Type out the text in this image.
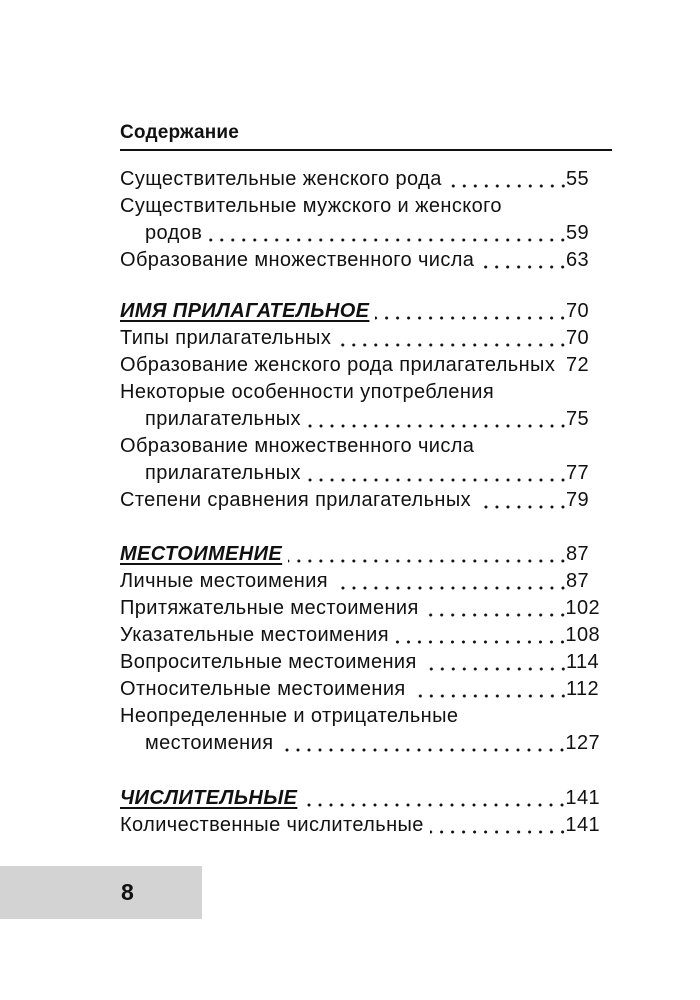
Содержание
Существительные женского рода	55
Существительные мужского и женского
родов	59
Образование множественного числа	63
ИМЯ ПРИЛАГАТЕЛЬНОЕ	70
Типы прилагательных	70
Образование женского рода прилагательных 72
Некоторые особенности употребления
прилагательных	75
Образование множественного числа
прилагательных	77
Степени сравнения прилагательных	79
МЕСТОИМЕНИЕ	87
Личные местоимения	87
Притяжательные местоимения	102
Указательные местоимения	108
Вопросительные местоимения	114
Относительные местоимения	112
Неопределенные и отрицательные
местоимения	127
ЧИСЛИТЕЛЬНЫЕ	141
Количественные числительные	141
8
